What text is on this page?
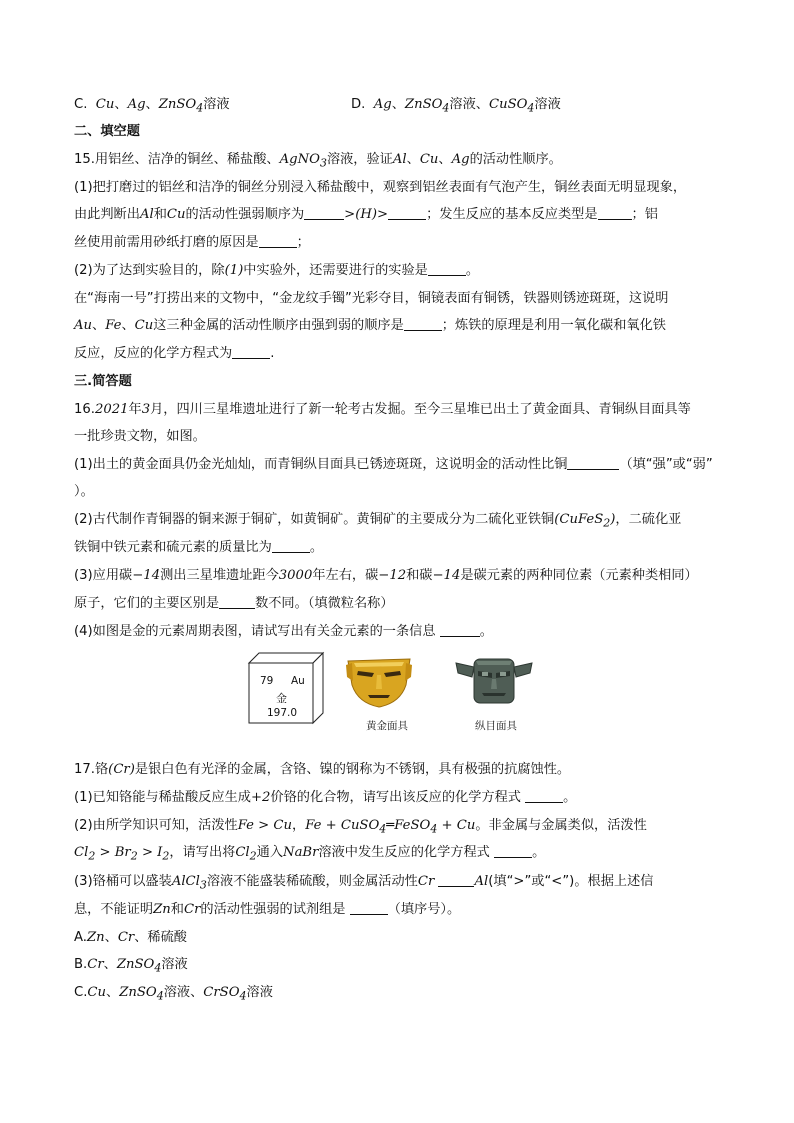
C. Cu、Ag、ZnSO$_4$溶液	D. Ag、ZnSO$_4$溶液、CuSO$_4$溶液
二、填空题
15.用铝丝、洁净的铜丝、稀盐酸、AgNO$_3$溶液，验证Al、Cu、Ag的活动性顺序。
(1)把打磨过的铝丝和洁净的铜丝分别浸入稀盐酸中，观察到铝丝表面有气泡产生，铜丝表面无明显现象，
由此判断出Al和Cu的活动性强弱顺序为	>(H)>	；发生反应的基本反应类型是	；铝
丝使用前需用砂纸打磨的原因是	；
(2)为了达到实验目的，除(1)中实验外，还需要进行的实验是	。
在“海南一号”打捞出来的文物中，“金龙纹手镯”光彩夺目，铜镜表面有铜锈，铁器则锈迹斑斑，这说明
Au、Fe、Cu这三种金属的活动性顺序由强到弱的顺序是	；炼铁的原理是利用一氧化碳和氧化铁
反应，反应的化学方程式为	.
三.简答题
16.2021年3月，四川三星堆遗址进行了新一轮考古发掘。至今三星堆已出土了黄金面具、青铜纵目面具等
一批珍贵文物，如图。
(1)出土的黄金面具仍金光灿灿，而青铜纵目面具已锈迹斑斑，这说明金的活动性比铜	（填“强”或“弱”
）。
(2)古代制作青铜器的铜来源于铜矿，如黄铜矿。黄铜矿的主要成分为二硫化亚铁铜(CuFeS$_2$)，二硫化亚
铁铜中铁元素和硫元素的质量比为	。
(3)应用碳−14测出三星堆遗址距今3000年左右，碳−12和碳−14是碳元素的两种同位素（元素种类相同）
原子，它们的主要区别是	数不同。（填微粒名称）
(4)如图是金的元素周期表图，请试写出有关金元素的一条信息	。
79 Au
金
197.0
黄金面具	纵目面具
17.铬(Cr)是银白色有光泽的金属，含铬、镍的钢称为不锈钢，具有极强的抗腐蚀性。
(1)已知铬能与稀盐酸反应生成+2价铬的化合物，请写出该反应的化学方程式	。
(2)由所学知识可知，活泼性Fe > Cu，Fe + CuSO$_4$═FeSO$_4$ + Cu。非金属与金属类似，活泼性
$Cl_2 > Br_2 > I_2$，请写出将$Cl_2$通入NaBr溶液中发生反应的化学方程式	。
(3)铬桶可以盛装AlCl$_3$溶液不能盛装稀硫酸，则金属活动性Cr	Al(填“>”或“<”)。根据上述信
息，不能证明Zn和Cr的活动性强弱的试剂组是	（填序号）。
A.Zn、Cr、稀硫酸
B.Cr、ZnSO$_4$溶液
C.Cu、ZnSO$_4$溶液、CrSO$_4$溶液
